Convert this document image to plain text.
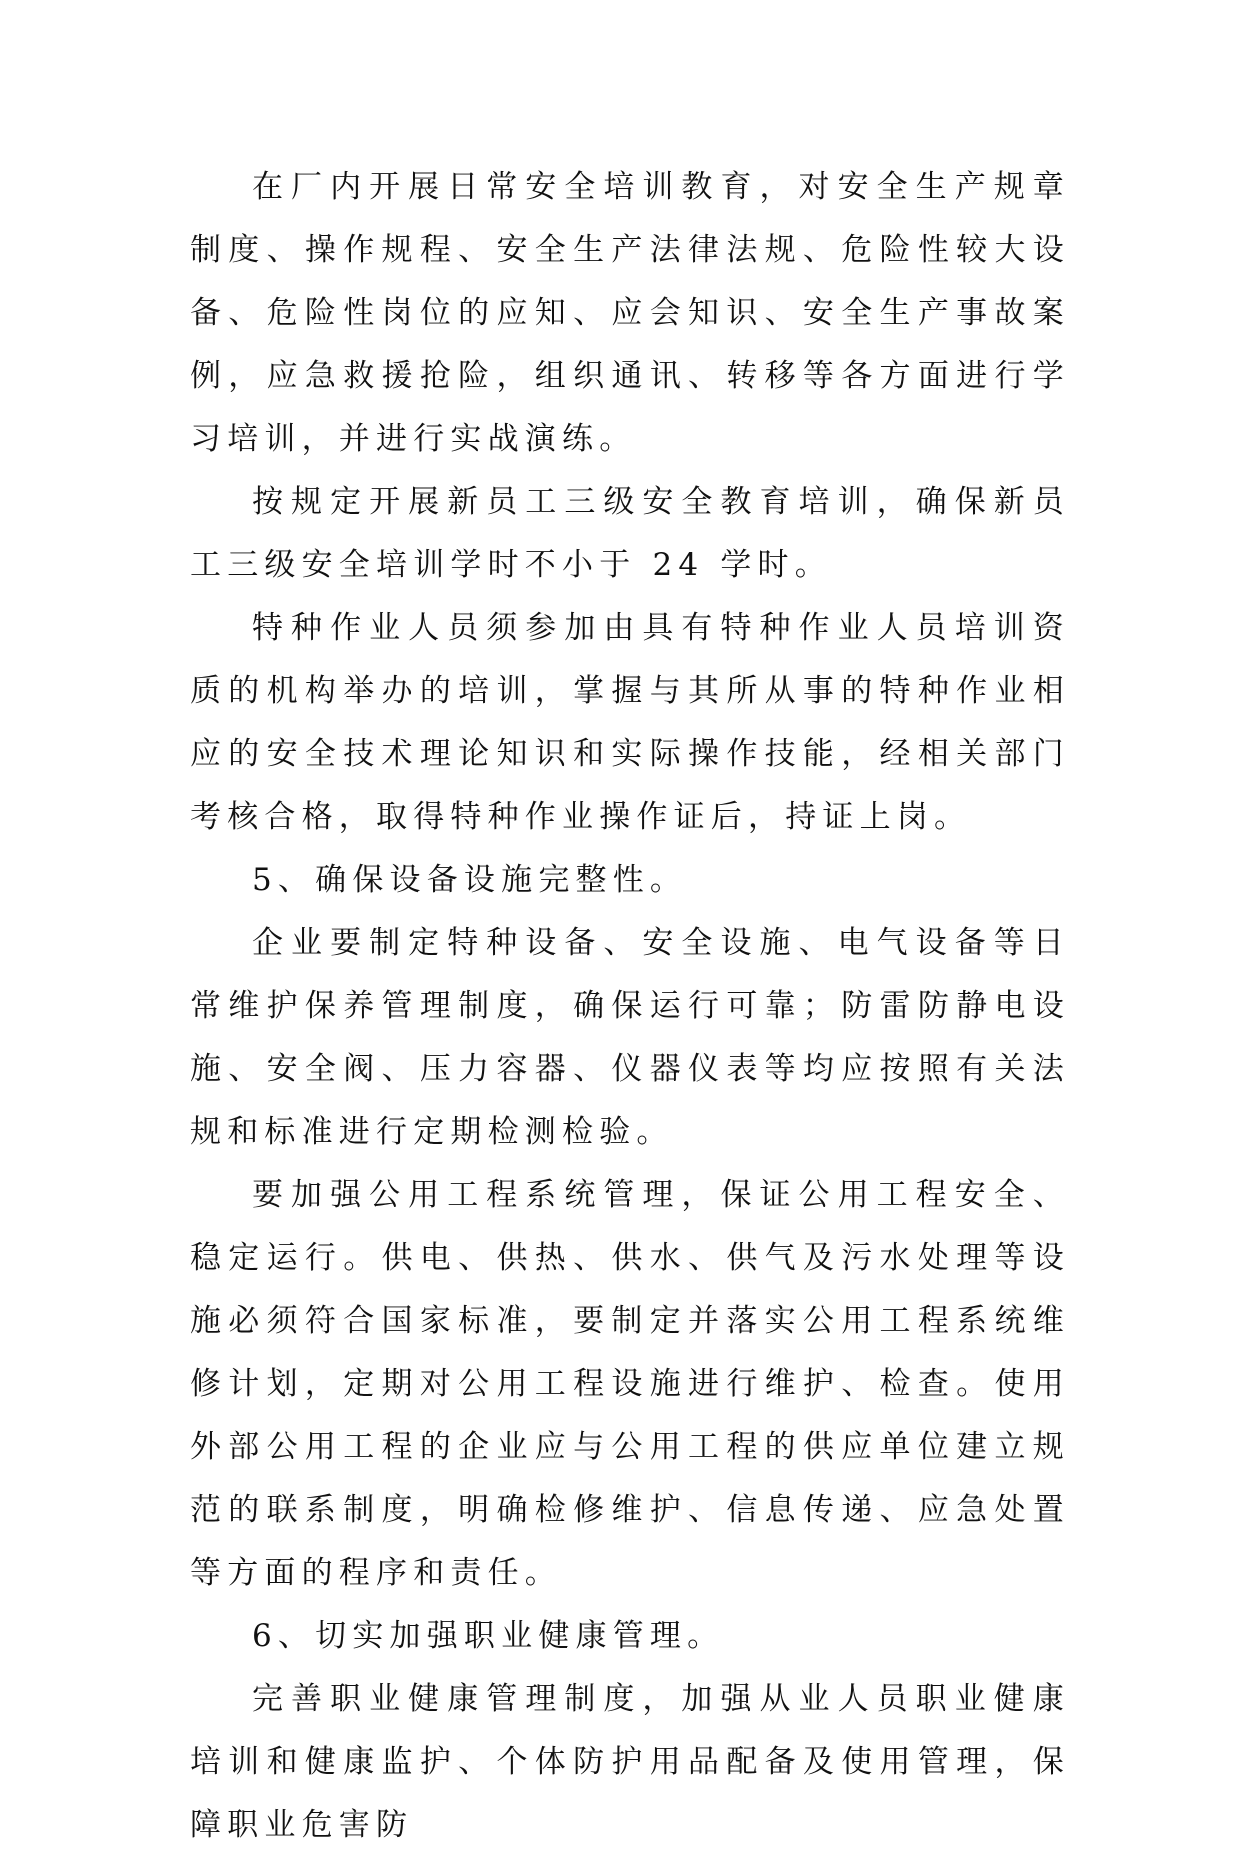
在厂内开展日常安全培训教育，对安全生产规章制度、操作规程、安全生产法律法规、危险性较大设备、危险性岗位的应知、应会知识、安全生产事故案例，应急救援抢险，组织通讯、转移等各方面进行学习培训，并进行实战演练。

按规定开展新员工三级安全教育培训，确保新员工三级安全培训学时不小于 24 学时。

特种作业人员须参加由具有特种作业人员培训资质的机构举办的培训，掌握与其所从事的特种作业相应的安全技术理论知识和实际操作技能，经相关部门考核合格，取得特种作业操作证后，持证上岗。

5、确保设备设施完整性。

企业要制定特种设备、安全设施、电气设备等日常维护保养管理制度，确保运行可靠；防雷防静电设施、安全阀、压力容器、仪器仪表等均应按照有关法规和标准进行定期检测检验。

要加强公用工程系统管理，保证公用工程安全、稳定运行。供电、供热、供水、供气及污水处理等设施必须符合国家标准，要制定并落实公用工程系统维修计划，定期对公用工程设施进行维护、检查。使用外部公用工程的企业应与公用工程的供应单位建立规范的联系制度，明确检修维护、信息传递、应急处置等方面的程序和责任。

6、切实加强职业健康管理。

完善职业健康管理制度，加强从业人员职业健康培训和健康监护、个体防护用品配备及使用管理，保障职业危害防
